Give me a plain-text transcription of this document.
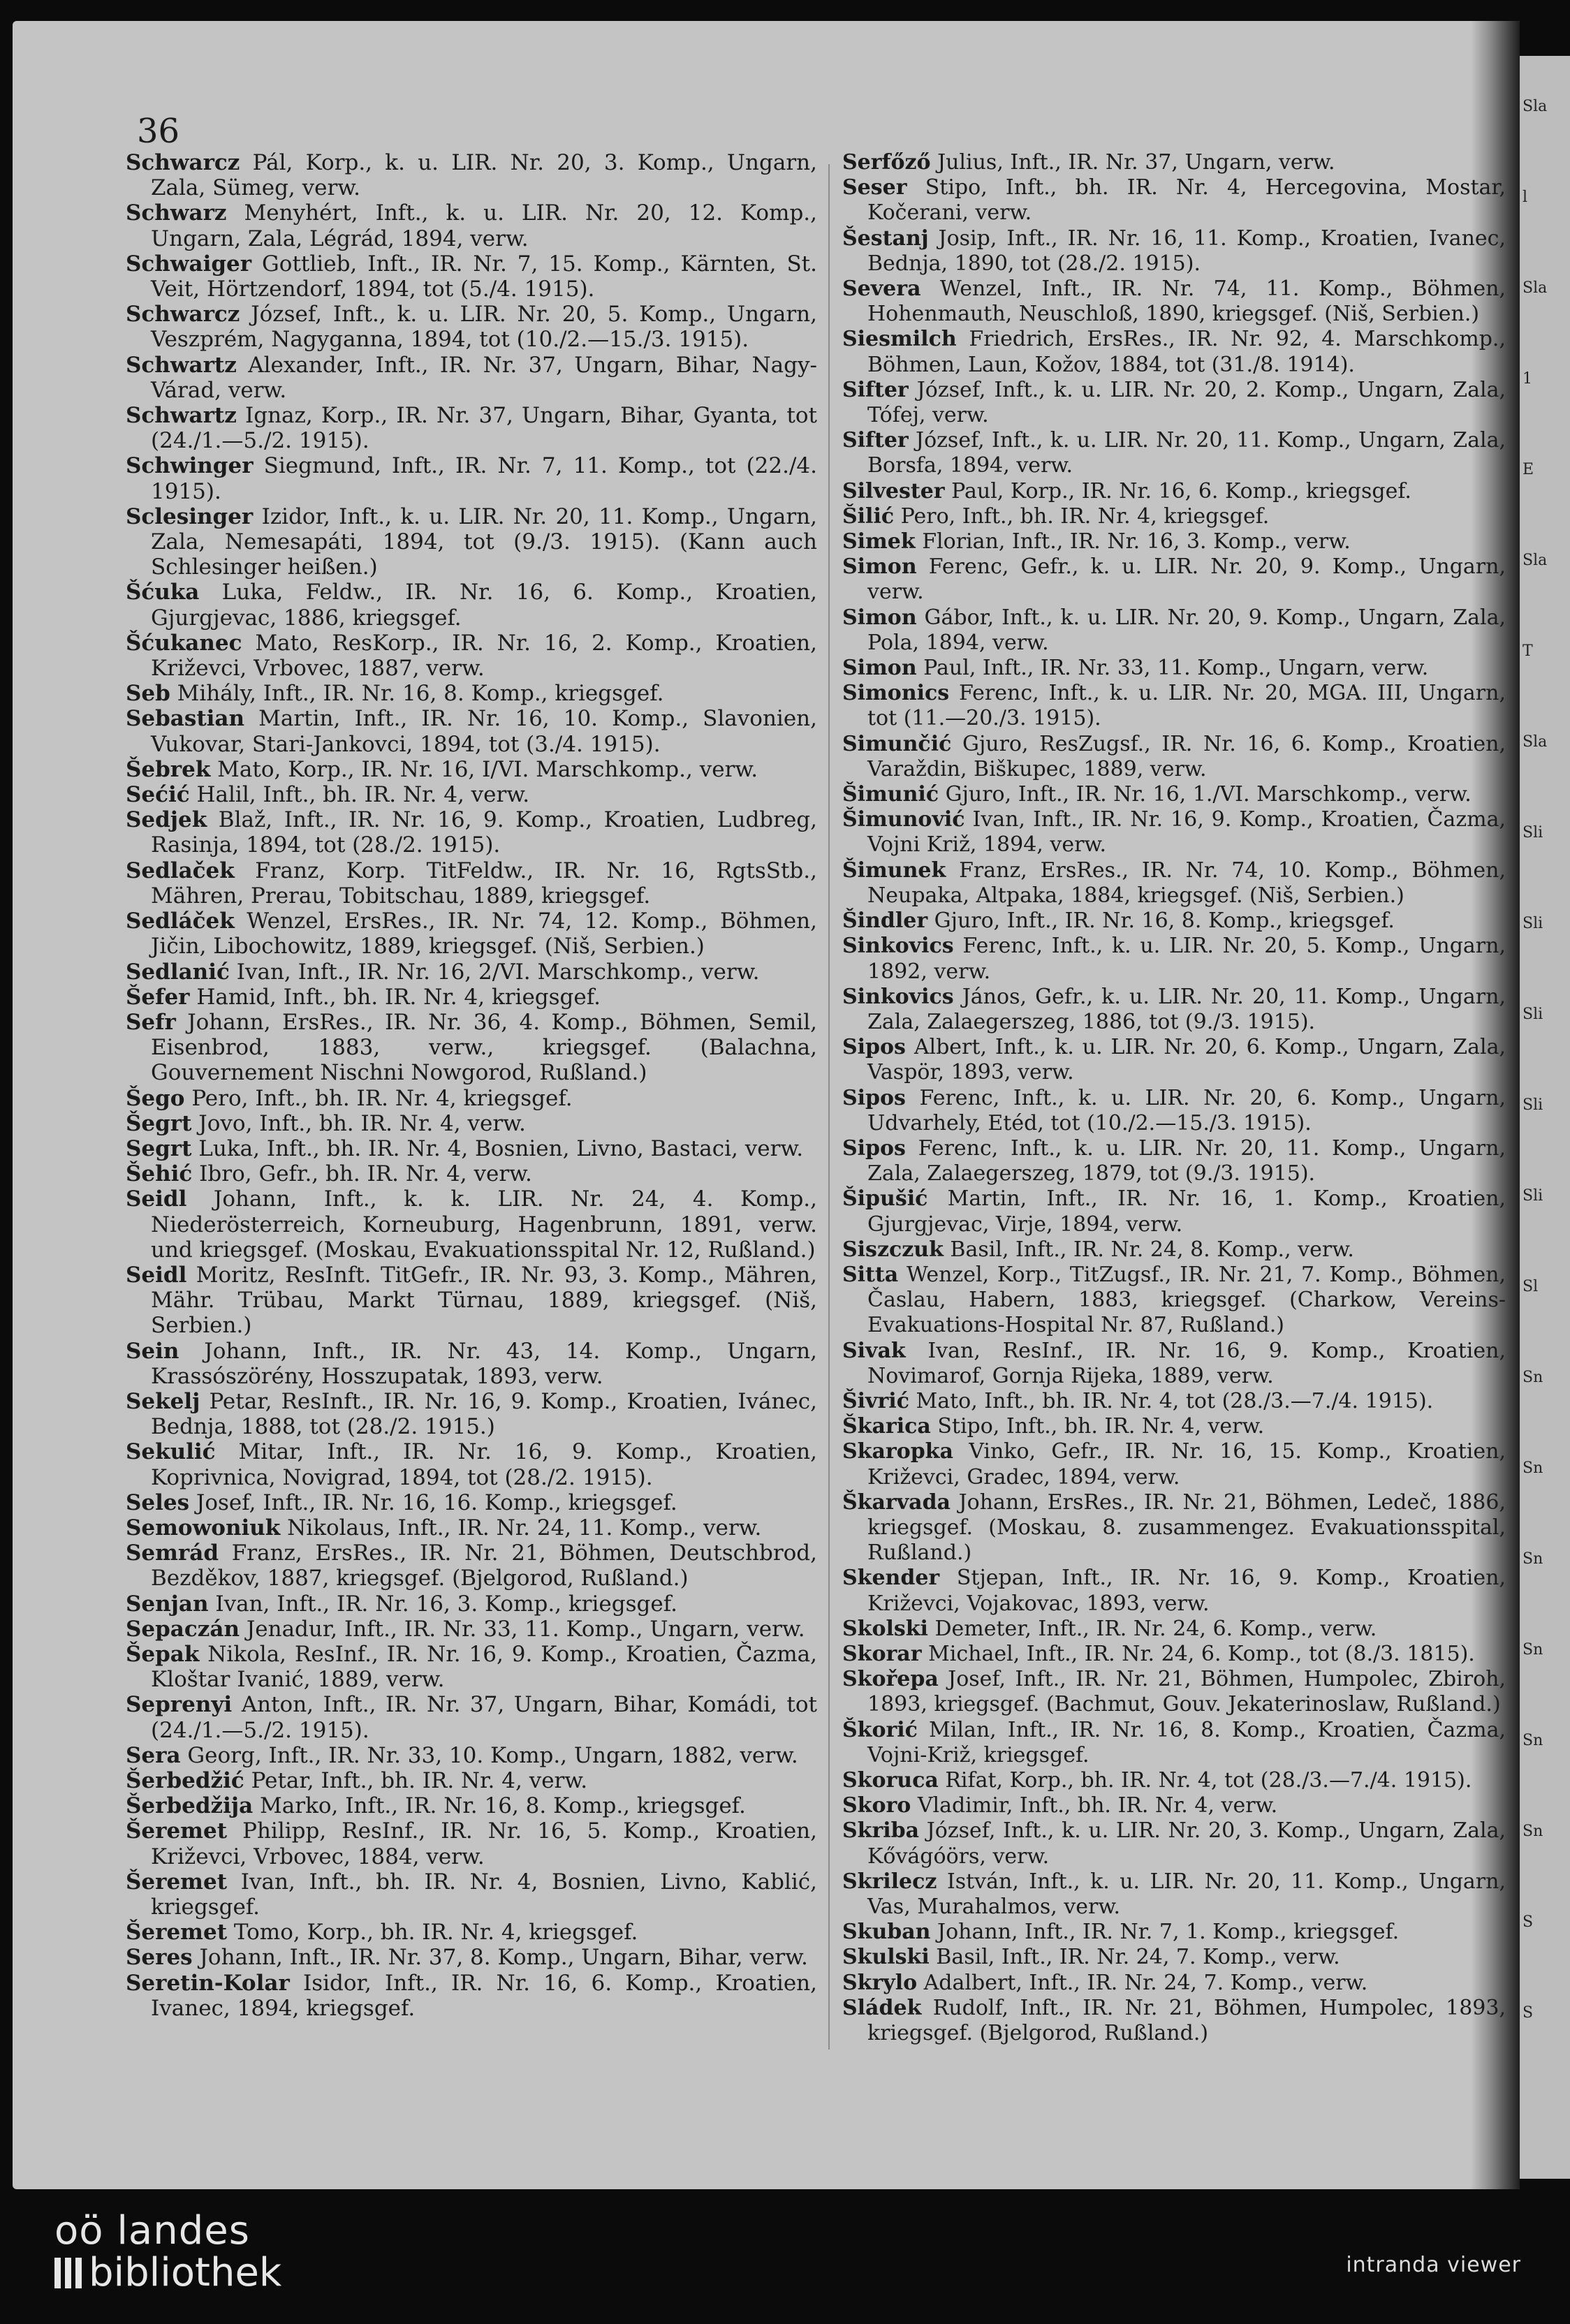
36
Schwarcz Pál, Korp., k. u. LIR. Nr. 20, 3. Komp., Ungarn, Zala, Sümeg, verw.
Schwarz Menyhért, Inft., k. u. LIR. Nr. 20, 12. Komp., Ungarn, Zala, Légrád, 1894, verw.
Schwaiger Gottlieb, Inft., IR. Nr. 7, 15. Komp., Kärnten, St. Veit, Hörtzendorf, 1894, tot (5./4. 1915).
Schwarcz József, Inft., k. u. LIR. Nr. 20, 5. Komp., Ungarn, Veszprém, Nagyganna, 1894, tot (10./2.—15./3. 1915).
Schwartz Alexander, Inft., IR. Nr. 37, Ungarn, Bihar, Nagy-Várad, verw.
Schwartz Ignaz, Korp., IR. Nr. 37, Ungarn, Bihar, Gyanta, tot (24./1.—5./2. 1915).
Schwinger Siegmund, Inft., IR. Nr. 7, 11. Komp., tot (22./4. 1915).
Sclesinger Izidor, Inft., k. u. LIR. Nr. 20, 11. Komp., Ungarn, Zala, Nemesapáti, 1894, tot (9./3. 1915). (Kann auch Schlesinger heißen.)
Šćuka Luka, Feldw., IR. Nr. 16, 6. Komp., Kroatien, Gjurgjevac, 1886, kriegsgef.
Šćukanec Mato, ResKorp., IR. Nr. 16, 2. Komp., Kroatien, Križevci, Vrbovec, 1887, verw.
Seb Mihály, Inft., IR. Nr. 16, 8. Komp., kriegsgef.
Sebastian Martin, Inft., IR. Nr. 16, 10. Komp., Slavonien, Vukovar, Stari-Jankovci, 1894, tot (3./4. 1915).
Šebrek Mato, Korp., IR. Nr. 16, I/VI. Marschkomp., verw.
Sećić Halil, Inft., bh. IR. Nr. 4, verw.
Sedjek Blaž, Inft., IR. Nr. 16, 9. Komp., Kroatien, Ludbreg, Rasinja, 1894, tot (28./2. 1915).
Sedlaček Franz, Korp. TitFeldw., IR. Nr. 16, RgtsStb., Mähren, Prerau, Tobitschau, 1889, kriegsgef.
Sedláček Wenzel, ErsRes., IR. Nr. 74, 12. Komp., Böhmen, Jičin, Libochowitz, 1889, kriegsgef. (Niš, Serbien.)
Sedlanić Ivan, Inft., IR. Nr. 16, 2/VI. Marschkomp., verw.
Šefer Hamid, Inft., bh. IR. Nr. 4, kriegsgef.
Sefr Johann, ErsRes., IR. Nr. 36, 4. Komp., Böhmen, Semil, Eisenbrod, 1883, verw., kriegsgef. (Balachna, Gouvernement Nischni Nowgorod, Rußland.)
Šego Pero, Inft., bh. IR. Nr. 4, kriegsgef.
Šegrt Jovo, Inft., bh. IR. Nr. 4, verw.
Segrt Luka, Inft., bh. IR. Nr. 4, Bosnien, Livno, Bastaci, verw.
Šehić Ibro, Gefr., bh. IR. Nr. 4, verw.
Seidl Johann, Inft., k. k. LIR. Nr. 24, 4. Komp., Niederösterreich, Korneuburg, Hagenbrunn, 1891, verw. und kriegsgef. (Moskau, Evakuationsspital Nr. 12, Rußland.)
Seidl Moritz, ResInft. TitGefr., IR. Nr. 93, 3. Komp., Mähren, Mähr. Trübau, Markt Türnau, 1889, kriegsgef. (Niš, Serbien.)
Sein Johann, Inft., IR. Nr. 43, 14. Komp., Ungarn, Krassószörény, Hosszupatak, 1893, verw.
Sekelj Petar, ResInft., IR. Nr. 16, 9. Komp., Kroatien, Ivánec, Bednja, 1888, tot (28./2. 1915.)
Sekulić Mitar, Inft., IR. Nr. 16, 9. Komp., Kroatien, Koprivnica, Novigrad, 1894, tot (28./2. 1915).
Seles Josef, Inft., IR. Nr. 16, 16. Komp., kriegsgef.
Semowoniuk Nikolaus, Inft., IR. Nr. 24, 11. Komp., verw.
Semrád Franz, ErsRes., IR. Nr. 21, Böhmen, Deutschbrod, Bezděkov, 1887, kriegsgef. (Bjelgorod, Rußland.)
Senjan Ivan, Inft., IR. Nr. 16, 3. Komp., kriegsgef.
Sepaczán Jenadur, Inft., IR. Nr. 33, 11. Komp., Ungarn, verw.
Šepak Nikola, ResInf., IR. Nr. 16, 9. Komp., Kroatien, Čazma, Kloštar Ivanić, 1889, verw.
Seprenyi Anton, Inft., IR. Nr. 37, Ungarn, Bihar, Komádi, tot (24./1.—5./2. 1915).
Sera Georg, Inft., IR. Nr. 33, 10. Komp., Ungarn, 1882, verw.
Šerbedžić Petar, Inft., bh. IR. Nr. 4, verw.
Šerbedžija Marko, Inft., IR. Nr. 16, 8. Komp., kriegsgef.
Šeremet Philipp, ResInf., IR. Nr. 16, 5. Komp., Kroatien, Križevci, Vrbovec, 1884, verw.
Šeremet Ivan, Inft., bh. IR. Nr. 4, Bosnien, Livno, Kablić, kriegsgef.
Šeremet Tomo, Korp., bh. IR. Nr. 4, kriegsgef.
Seres Johann, Inft., IR. Nr. 37, 8. Komp., Ungarn, Bihar, verw.
Seretin-Kolar Isidor, Inft., IR. Nr. 16, 6. Komp., Kroatien, Ivanec, 1894, kriegsgef.
Serfőző Julius, Inft., IR. Nr. 37, Ungarn, verw.
Seser Stipo, Inft., bh. IR. Nr. 4, Hercegovina, Mostar, Kočerani, verw.
Šestanj Josip, Inft., IR. Nr. 16, 11. Komp., Kroatien, Ivanec, Bednja, 1890, tot (28./2. 1915).
Severa Wenzel, Inft., IR. Nr. 74, 11. Komp., Böhmen, Hohenmauth, Neuschloß, 1890, kriegsgef. (Niš, Serbien.)
Siesmilch Friedrich, ErsRes., IR. Nr. 92, 4. Marschkomp., Böhmen, Laun, Kožov, 1884, tot (31./8. 1914).
Sifter József, Inft., k. u. LIR. Nr. 20, 2. Komp., Ungarn, Zala, Tófej, verw.
Sifter József, Inft., k. u. LIR. Nr. 20, 11. Komp., Ungarn, Zala, Borsfa, 1894, verw.
Silvester Paul, Korp., IR. Nr. 16, 6. Komp., kriegsgef.
Šilić Pero, Inft., bh. IR. Nr. 4, kriegsgef.
Simek Florian, Inft., IR. Nr. 16, 3. Komp., verw.
Simon Ferenc, Gefr., k. u. LIR. Nr. 20, 9. Komp., Ungarn, verw.
Simon Gábor, Inft., k. u. LIR. Nr. 20, 9. Komp., Ungarn, Zala, Pola, 1894, verw.
Simon Paul, Inft., IR. Nr. 33, 11. Komp., Ungarn, verw.
Simonics Ferenc, Inft., k. u. LIR. Nr. 20, MGA. III, Ungarn, tot (11.—20./3. 1915).
Simunčić Gjuro, ResZugsf., IR. Nr. 16, 6. Komp., Kroatien, Varaždin, Biškupec, 1889, verw.
Šimunić Gjuro, Inft., IR. Nr. 16, 1./VI. Marschkomp., verw.
Šimunović Ivan, Inft., IR. Nr. 16, 9. Komp., Kroatien, Čazma, Vojni Križ, 1894, verw.
Šimunek Franz, ErsRes., IR. Nr. 74, 10. Komp., Böhmen, Neupaka, Altpaka, 1884, kriegsgef. (Niš, Serbien.)
Šindler Gjuro, Inft., IR. Nr. 16, 8. Komp., kriegsgef.
Sinkovics Ferenc, Inft., k. u. LIR. Nr. 20, 5. Komp., Ungarn, 1892, verw.
Sinkovics János, Gefr., k. u. LIR. Nr. 20, 11. Komp., Ungarn, Zala, Zalaegerszeg, 1886, tot (9./3. 1915).
Sipos Albert, Inft., k. u. LIR. Nr. 20, 6. Komp., Ungarn, Zala, Vaspör, 1893, verw.
Sipos Ferenc, Inft., k. u. LIR. Nr. 20, 6. Komp., Ungarn, Udvarhely, Etéd, tot (10./2.—15./3. 1915).
Sipos Ferenc, Inft., k. u. LIR. Nr. 20, 11. Komp., Ungarn, Zala, Zalaegerszeg, 1879, tot (9./3. 1915).
Šipušić Martin, Inft., IR. Nr. 16, 1. Komp., Kroatien, Gjurgjevac, Virje, 1894, verw.
Siszczuk Basil, Inft., IR. Nr. 24, 8. Komp., verw.
Sitta Wenzel, Korp., TitZugsf., IR. Nr. 21, 7. Komp., Böhmen, Časlau, Habern, 1883, kriegsgef. (Charkow, Vereins-Evakuations-Hospital Nr. 87, Rußland.)
Sivak Ivan, ResInf., IR. Nr. 16, 9. Komp., Kroatien, Novimarof, Gornja Rijeka, 1889, verw.
Šivrić Mato, Inft., bh. IR. Nr. 4, tot (28./3.—7./4. 1915).
Škarica Stipo, Inft., bh. IR. Nr. 4, verw.
Skaropka Vinko, Gefr., IR. Nr. 16, 15. Komp., Kroatien, Križevci, Gradec, 1894, verw.
Škarvada Johann, ErsRes., IR. Nr. 21, Böhmen, Ledeč, 1886, kriegsgef. (Moskau, 8. zusammengez. Evakuationsspital, Rußland.)
Skender Stjepan, Inft., IR. Nr. 16, 9. Komp., Kroatien, Križevci, Vojakovac, 1893, verw.
Skolski Demeter, Inft., IR. Nr. 24, 6. Komp., verw.
Skorar Michael, Inft., IR. Nr. 24, 6. Komp., tot (8./3. 1815).
Skořepa Josef, Inft., IR. Nr. 21, Böhmen, Humpolec, Zbiroh, 1893, kriegsgef. (Bachmut, Gouv. Jekaterinoslaw, Rußland.)
Škorić Milan, Inft., IR. Nr. 16, 8. Komp., Kroatien, Čazma, Vojni-Križ, kriegsgef.
Skoruca Rifat, Korp., bh. IR. Nr. 4, tot (28./3.—7./4. 1915).
Skoro Vladimir, Inft., bh. IR. Nr. 4, verw.
Skriba József, Inft., k. u. LIR. Nr. 20, 3. Komp., Ungarn, Zala, Kővágóörs, verw.
Skrilecz István, Inft., k. u. LIR. Nr. 20, 11. Komp., Ungarn, Vas, Murahalmos, verw.
Skuban Johann, Inft., IR. Nr. 7, 1. Komp., kriegsgef.
Skulski Basil, Inft., IR. Nr. 24, 7. Komp., verw.
Skrylo Adalbert, Inft., IR. Nr. 24, 7. Komp., verw.
Sládek Rudolf, Inft., IR. Nr. 21, Böhmen, Humpolec, 1893, kriegsgef. (Bjelgorod, Rußland.)
Sla
l
Sla
1
E
Sla
T
Sla
Sli
Sli
Sli
Sli
Sli
Sl
Sn
Sn
Sn
Sn
Sn
Sn
S
S
oö landes
bibliothek	intranda viewer
